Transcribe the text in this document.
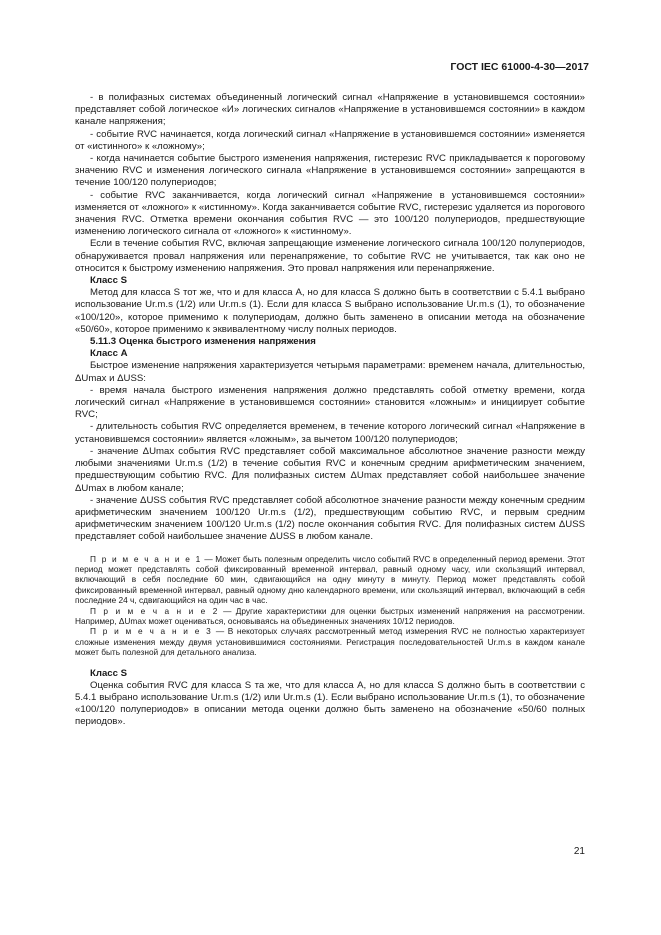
ГОСТ IEC 61000-4-30—2017

- в полифазных системах объединенный логический сигнал «Напряжение в установившемся состоянии» представляет собой логическое «И» логических сигналов «Напряжение в установившемся состоянии» в каждом канале напряжения;

- событие RVC начинается, когда логический сигнал «Напряжение в установившемся состоянии» изменяется от «истинного» к «ложному»;

- когда начинается событие быстрого изменения напряжения, гистерезис RVC прикладывается к пороговому значению RVC и изменения логического сигнала «Напряжение в установившемся состоянии» запрещаются в течение 100/120 полупериодов;

- событие RVC заканчивается, когда логический сигнал «Напряжение в установившемся состоянии» изменяется от «ложного» к «истинному». Когда заканчивается событие RVC, гистерезис удаляется из порогового значения RVC. Отметка времени окончания события RVC — это 100/120 полупериодов, предшествующие изменению логического сигнала от «ложного» к «истинному».

Если в течение события RVC, включая запрещающие изменение логического сигнала 100/120 полупериодов, обнаруживается провал напряжения или перенапряжение, то событие RVC не учитывается, так как оно не относится к быстрому изменению напряжения. Это провал напряжения или перенапряжение.

Класс S

Метод для класса S тот же, что и для класса А, но для класса S должно быть в соответствии с 5.4.1 выбрано использование Ur.m.s (1/2) или Ur.m.s (1). Если для класса S выбрано использование Ur.m.s (1), то обозначение «100/120», которое применимо к полупериодам, должно быть заменено в описании метода на обозначение «50/60», которое применимо к эквивалентному числу полных периодов.

5.11.3 Оценка быстрого изменения напряжения

Класс А

Быстрое изменение напряжения характеризуется четырьмя параметрами: временем начала, длительностью, ΔUmax и ΔUSS:

- время начала быстрого изменения напряжения должно представлять собой отметку времени, когда логический сигнал «Напряжение в установившемся состоянии» становится «ложным» и инициирует событие RVC;

- длительность события RVC определяется временем, в течение которого логический сигнал «Напряжение в установившемся состоянии» является «ложным», за вычетом 100/120 полупериодов;

- значение ΔUmax события RVC представляет собой максимальное абсолютное значение разности между любыми значениями Ur.m.s (1/2) в течение события RVC и конечным средним арифметическим значением, предшествующим событию RVC. Для полифазных систем ΔUmax представляет собой наибольшее значение ΔUmax в любом канале;

- значение ΔUSS события RVC представляет собой абсолютное значение разности между конечным средним арифметическим значением 100/120 Ur.m.s (1/2), предшествующим событию RVC, и первым средним арифметическим значением 100/120 Ur.m.s (1/2) после окончания события RVC. Для полифазных систем ΔUSS представляет собой наибольшее значение ΔUSS в любом канале.

П р и м е ч а н и е 1 — Может быть полезным определить число событий RVC в определенный период времени. Этот период может представлять собой фиксированный временной интервал, равный одному часу, или скользящий интервал, включающий в себя последние 60 мин, сдвигающийся на одну минуту в минуту. Период может представлять собой фиксированный временной интервал, равный одному дню календарного времени, или скользящий интервал, включающий в себя последние 24 ч, сдвигающийся на один час в час.

П р и м е ч а н и е 2 — Другие характеристики для оценки быстрых изменений напряжения на рассмотрении. Например, ΔUmax может оцениваться, основываясь на объединенных значениях 10/12 периодов.

П р и м е ч а н и е 3 — В некоторых случаях рассмотренный метод измерения RVC не полностью характеризует сложные изменения между двумя установившимися состояниями. Регистрация последовательностей Ur.m.s в каждом канале может быть полезной для детального анализа.

Класс S

Оценка события RVC для класса S та же, что для класса А, но для класса S должно быть в соответствии с 5.4.1 выбрано использование Ur.m.s (1/2) или Ur.m.s (1). Если выбрано использование Ur.m.s (1), то обозначение «100/120 полупериодов» в описании метода оценки должно быть заменено на обозначение «50/60 полных периодов».

21
